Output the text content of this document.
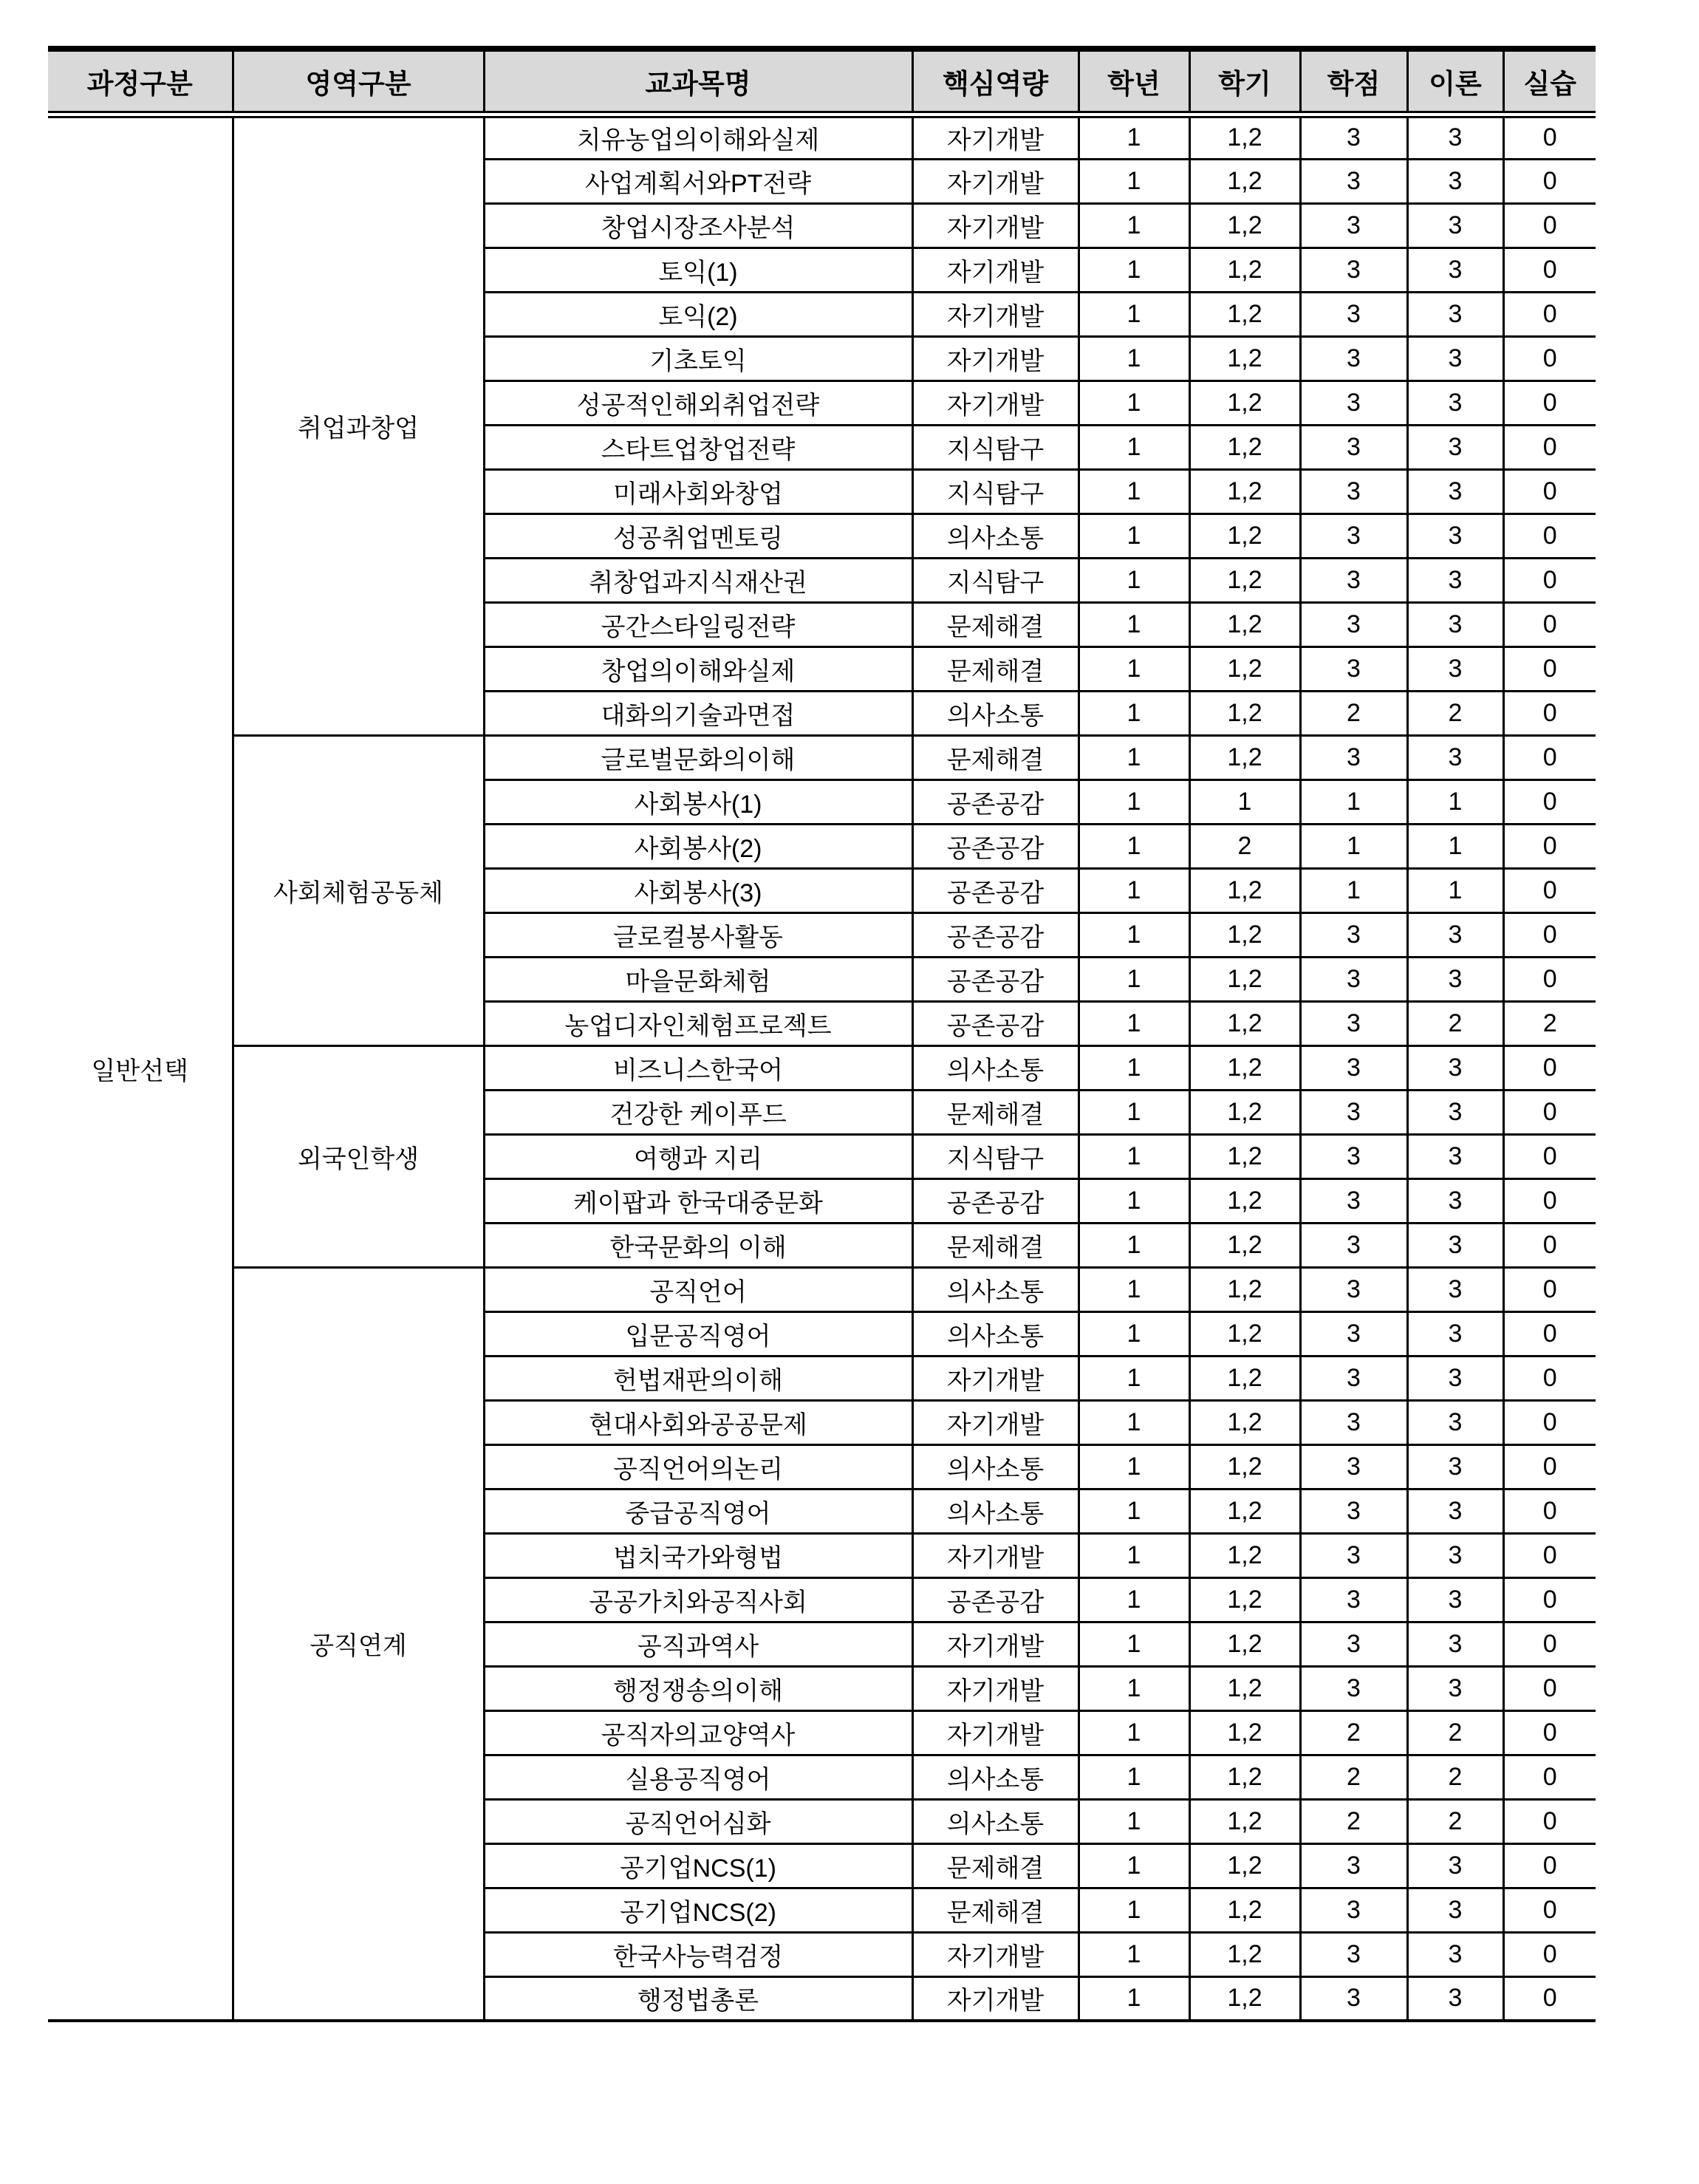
과정구분	영역구분	교과목명	핵심역량	학년	학기	학점	이론	실습
일반선택	취업과창업	치유농업의이해와실제	자기개발	1	1,2	3	3	0
		사업계획서와PT전략	자기개발	1	1,2	3	3	0
		창업시장조사분석	자기개발	1	1,2	3	3	0
		토익(1)	자기개발	1	1,2	3	3	0
		토익(2)	자기개발	1	1,2	3	3	0
		기초토익	자기개발	1	1,2	3	3	0
		성공적인해외취업전략	자기개발	1	1,2	3	3	0
		스타트업창업전략	지식탐구	1	1,2	3	3	0
		미래사회와창업	지식탐구	1	1,2	3	3	0
		성공취업멘토링	의사소통	1	1,2	3	3	0
		취창업과지식재산권	지식탐구	1	1,2	3	3	0
		공간스타일링전략	문제해결	1	1,2	3	3	0
		창업의이해와실제	문제해결	1	1,2	3	3	0
		대화의기술과면접	의사소통	1	1,2	2	2	0
	사회체험공동체	글로벌문화의이해	문제해결	1	1,2	3	3	0
		사회봉사(1)	공존공감	1	1	1	1	0
		사회봉사(2)	공존공감	1	2	1	1	0
		사회봉사(3)	공존공감	1	1,2	1	1	0
		글로컬봉사활동	공존공감	1	1,2	3	3	0
		마을문화체험	공존공감	1	1,2	3	3	0
		농업디자인체험프로젝트	공존공감	1	1,2	3	2	2
	외국인학생	비즈니스한국어	의사소통	1	1,2	3	3	0
		건강한 케이푸드	문제해결	1	1,2	3	3	0
		여행과 지리	지식탐구	1	1,2	3	3	0
		케이팝과 한국대중문화	공존공감	1	1,2	3	3	0
		한국문화의 이해	문제해결	1	1,2	3	3	0
	공직연계	공직언어	의사소통	1	1,2	3	3	0
		입문공직영어	의사소통	1	1,2	3	3	0
		헌법재판의이해	자기개발	1	1,2	3	3	0
		현대사회와공공문제	자기개발	1	1,2	3	3	0
		공직언어의논리	의사소통	1	1,2	3	3	0
		중급공직영어	의사소통	1	1,2	3	3	0
		법치국가와형법	자기개발	1	1,2	3	3	0
		공공가치와공직사회	공존공감	1	1,2	3	3	0
		공직과역사	자기개발	1	1,2	3	3	0
		행정쟁송의이해	자기개발	1	1,2	3	3	0
		공직자의교양역사	자기개발	1	1,2	2	2	0
		실용공직영어	의사소통	1	1,2	2	2	0
		공직언어심화	의사소통	1	1,2	2	2	0
		공기업NCS(1)	문제해결	1	1,2	3	3	0
		공기업NCS(2)	문제해결	1	1,2	3	3	0
		한국사능력검정	자기개발	1	1,2	3	3	0
		행정법총론	자기개발	1	1,2	3	3	0
